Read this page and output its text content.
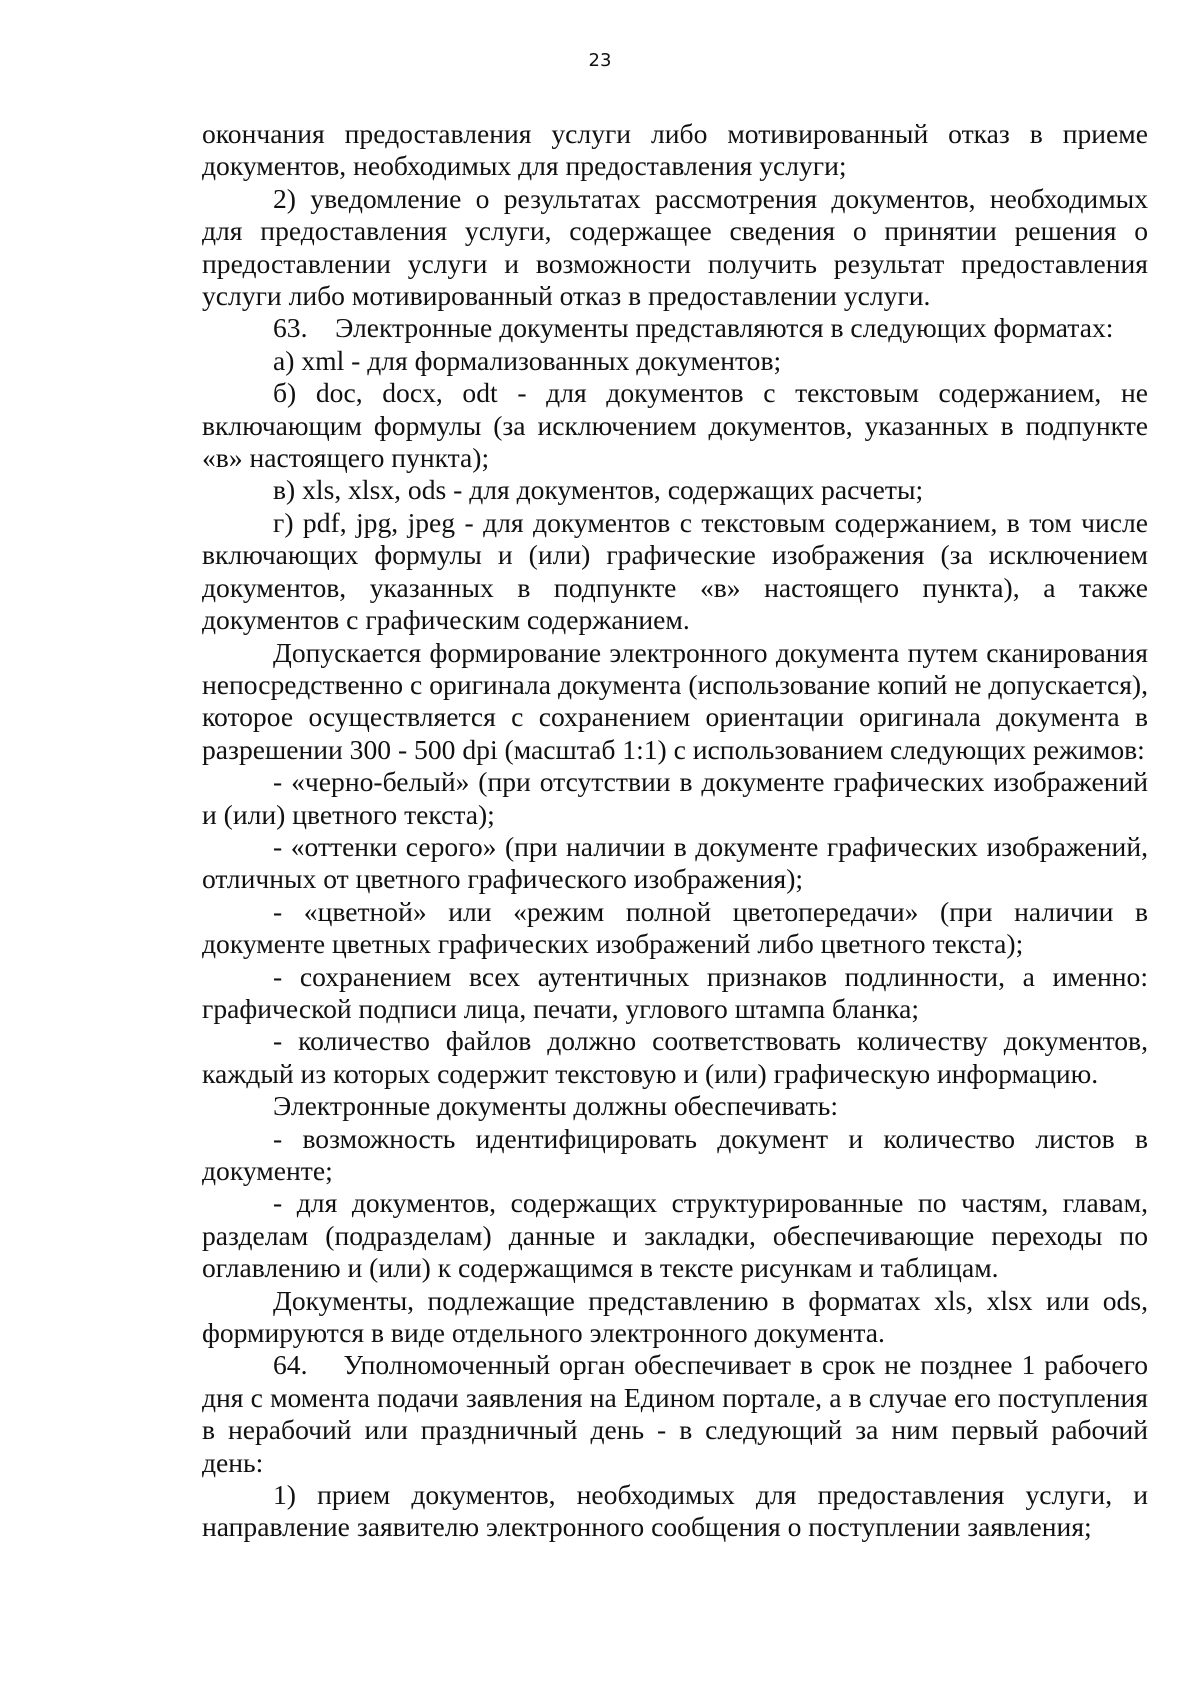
23

окончания предоставления услуги либо мотивированный отказ в приеме документов, необходимых для предоставления услуги;

2) уведомление о результатах рассмотрения документов, необходимых для предоставления услуги, содержащее сведения о принятии решения о предоставлении услуги и возможности получить результат предоставления услуги либо мотивированный отказ в предоставлении услуги.

63.    Электронные документы представляются в следующих форматах:

а) xml - для формализованных документов;

б) doc, docx, odt - для документов с текстовым содержанием, не включающим формулы (за исключением документов, указанных в подпункте «в» настоящего пункта);

в) xls, xlsx, ods - для документов, содержащих расчеты;

г) pdf, jpg, jpeg - для документов с текстовым содержанием, в том числе включающих формулы и (или) графические изображения (за исключением документов, указанных в подпункте «в» настоящего пункта), а также документов с графическим содержанием.

Допускается формирование электронного документа путем сканирования непосредственно с оригинала документа (использование копий не допускается), которое осуществляется с сохранением ориентации оригинала документа в разрешении 300 - 500 dpi (масштаб 1:1) с использованием следующих режимов:

- «черно-белый» (при отсутствии в документе графических изображений и (или) цветного текста);

- «оттенки серого» (при наличии в документе графических изображений, отличных от цветного графического изображения);

- «цветной» или «режим полной цветопередачи» (при наличии в документе цветных графических изображений либо цветного текста);

- сохранением всех аутентичных признаков подлинности, а именно: графической подписи лица, печати, углового штампа бланка;

- количество файлов должно соответствовать количеству документов, каждый из которых содержит текстовую и (или) графическую информацию.

Электронные документы должны обеспечивать:

- возможность идентифицировать документ и количество листов в документе;

- для документов, содержащих структурированные по частям, главам, разделам (подразделам) данные и закладки, обеспечивающие переходы по оглавлению и (или) к содержащимся в тексте рисункам и таблицам.

Документы, подлежащие представлению в форматах xls, xlsx или ods, формируются в виде отдельного электронного документа.

64.    Уполномоченный орган обеспечивает в срок не позднее 1 рабочего дня с момента подачи заявления на Едином портале, а в случае его поступления в нерабочий или праздничный день - в следующий за ним первый рабочий день:

1) прием документов, необходимых для предоставления услуги, и направление заявителю электронного сообщения о поступлении заявления;
